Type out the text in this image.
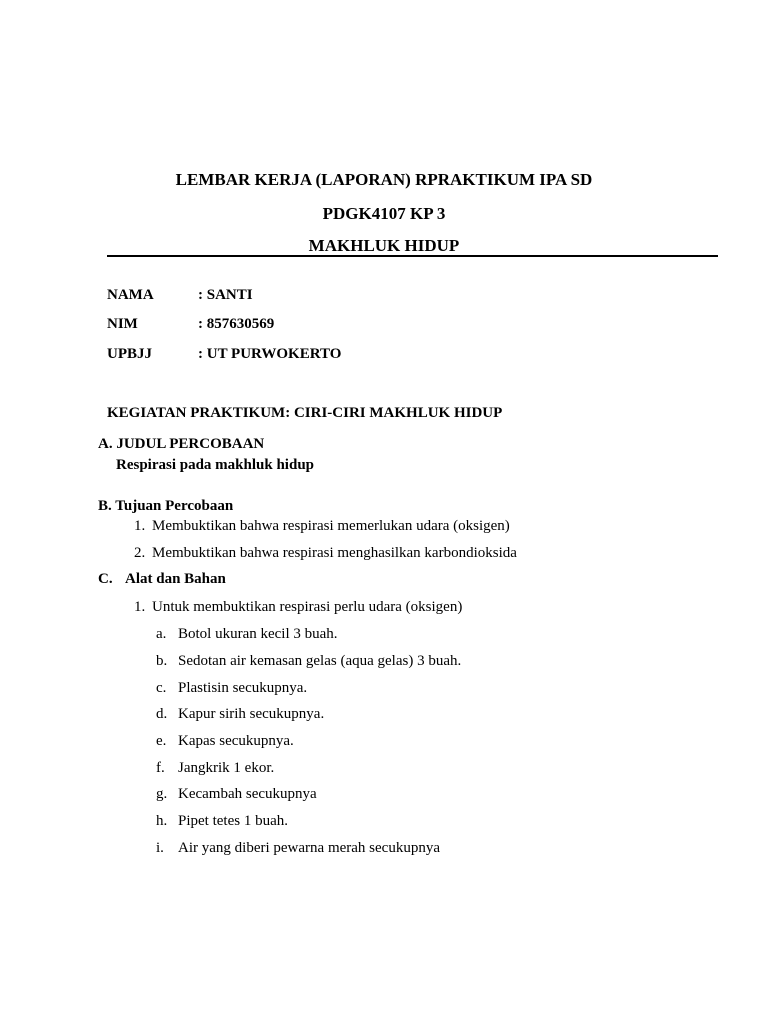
LEMBAR KERJA (LAPORAN) RPRAKTIKUM IPA SD
PDGK4107 KP 3
MAKHLUK HIDUP
NAMA	: SANTI
NIM	: 857630569
UPBJJ	: UT PURWOKERTO
KEGIATAN PRAKTIKUM: CIRI-CIRI MAKHLUK HIDUP
A. JUDUL PERCOBAAN
Respirasi pada makhluk hidup
B. Tujuan Percobaan
1. Membuktikan bahwa respirasi memerlukan udara (oksigen)
2. Membuktikan bahwa respirasi menghasilkan karbondioksida
C. Alat dan Bahan
1. Untuk membuktikan respirasi perlu udara (oksigen)
a. Botol ukuran kecil 3 buah.
b. Sedotan air kemasan gelas (aqua gelas) 3 buah.
c. Plastisin secukupnya.
d. Kapur sirih secukupnya.
e. Kapas secukupnya.
f. Jangkrik 1 ekor.
g. Kecambah secukupnya
h. Pipet tetes 1 buah.
i. Air yang diberi pewarna merah secukupnya
